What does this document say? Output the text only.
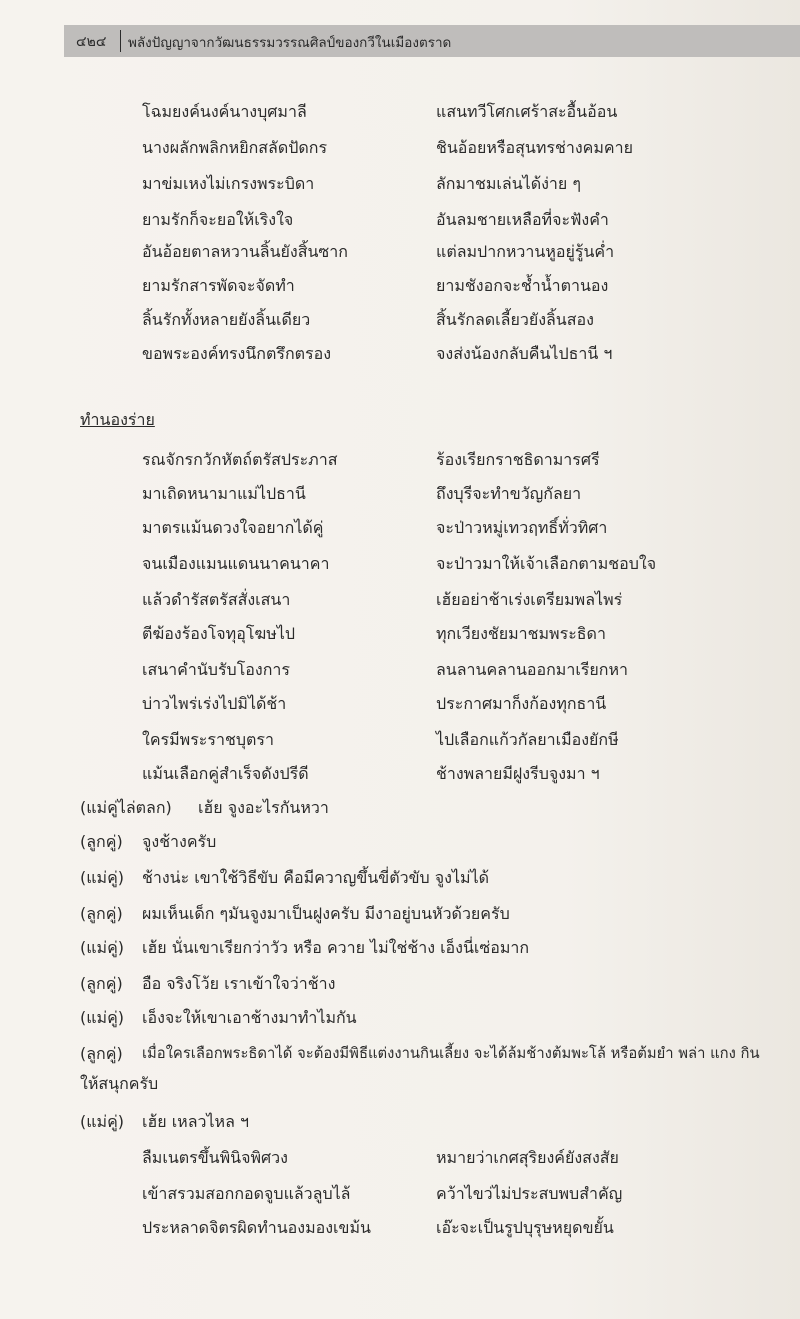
๔๒๔ พลังปัญญาจากวัฒนธรรมวรรณศิลป์ของกวีในเมืองตราด
โฉมยงค์นงค์นางบุศมาลี	แสนทวีโศกเศร้าสะอื้นอ้อน
นางผลักพลิกหยิกสลัดปัดกร	ชินอ้อยหรือสุนทรช่างคมคาย
มาข่มเหงไม่เกรงพระบิดา	ลักมาชมเล่นได้ง่าย ๆ
ยามรักก็จะยอให้เริงใจ	อันลมชายเหลือที่จะฟังคำ
อันอ้อยตาลหวานลิ้นยังสิ้นซาก	แต่ลมปากหวานหูอยู่รู้นค่ำ
ยามรักสารพัดจะจัดทำ	ยามชังอกจะช้ำน้ำตานอง
ลิ้นรักทั้งหลายยังลิ้นเดียว	สิ้นรักลดเลี้ยวยังลิ้นสอง
ขอพระองค์ทรงนึกตรึกตรอง	จงส่งน้องกลับคืนไปธานี ฯ
ทำนองร่าย
รณจักรกวักหัตถ์ตรัสประภาส	ร้องเรียกราชธิดามารศรี
มาเถิดหนามาแม่ไปธานี	ถึงบุรีจะทำขวัญกัลยา
มาตรแม้นดวงใจอยากได้คู่	จะป่าวหมู่เทวฤทธิ์ทั่วทิศา
จนเมืองแมนแดนนาคนาคา	จะป่าวมาให้เจ้าเลือกตามชอบใจ
แล้วดำรัสตรัสสั่งเสนา	เฮ้ยอย่าช้าเร่งเตรียมพลไพร่
ตีฆ้องร้องโจทุอุโฆษไป	ทุกเวียงชัยมาชมพระธิดา
เสนาคำนับรับโองการ	ลนลานคลานออกมาเรียกหา
บ่าวไพร่เร่งไปมิได้ช้า	ประกาศมาก็งก้องทุกธานี
ใครมีพระราชบุตรา	ไปเลือกแก้วกัลยาเมืองยักษี
แม้นเลือกคู่สำเร็จดังปรีดี	ช้างพลายมีฝูงรีบจูงมา ฯ
(แม่คู่ไล่ตลก) เฮ้ย จูงอะไรกันหวา
(ลูกคู่) จูงช้างครับ
(แม่คู่) ช้างน่ะ เขาใช้วิธีขับ คือมีควาญขึ้นขี่ตัวขับ จูงไม่ได้
(ลูกคู่) ผมเห็นเด็ก ๆมันจูงมาเป็นฝูงครับ มีงาอยู่บนหัวด้วยครับ
(แม่คู่) เฮ้ย นั่นเขาเรียกว่าวัว หรือ ควาย ไม่ใช่ช้าง เอ็งนี่เซ่อมาก
(ลูกคู่) อือ จริงโว้ย เราเข้าใจว่าช้าง
(แม่คู่) เอ็งจะให้เขาเอาช้างมาทำไมกัน
(ลูกคู่) เมื่อใครเลือกพระธิดาได้ จะต้องมีพิธีแต่งงานกินเลี้ยง จะได้ล้มช้างต้มพะโล้ หรือต้มยำ พล่า แกง กิน
ให้สนุกครับ
(แม่คู่) เฮ้ย เหลวไหล ฯ
ลืมเนตรขึ้นพินิจพิศวง	หมายว่าเกศสุริยงค์ยังสงสัย
เข้าสรวมสอกกอดจูบแล้วลูบไล้	คว้าไขว่ไม่ประสบพบสำคัญ
ประหลาดจิตรผิดทำนองมองเขม้น	เอ๊ะจะเป็นรูปบุรุษหยุดขยั้น
